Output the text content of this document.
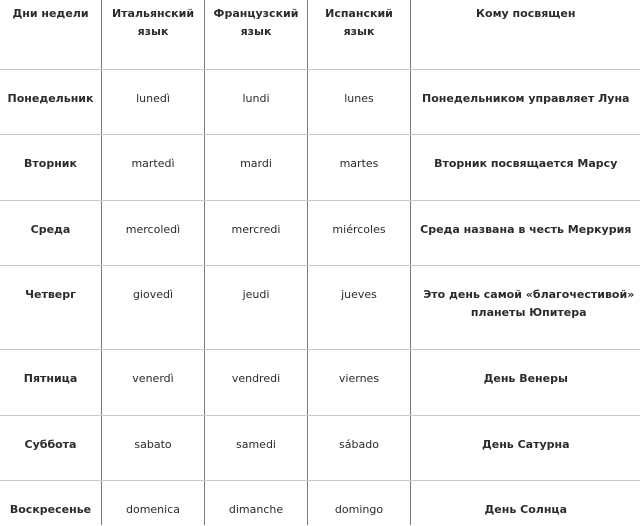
Дни недели	Итальянский язык	Французский язык	Испанский язык	Кому посвящен
Понедельник	lunedì	lundi	lunes	Понедельником управляет Луна
Вторник	martedì	mardi	martes	Вторник посвящается Марсу
Среда	mercoledì	mercredi	miércoles	Среда названа в честь Меркурия
Четверг	giovedì	jeudi	jueves	Это день самой «благочестивой» планеты Юпитера
Пятница	venerdì	vendredi	viernes	День Венеры
Суббота	sabato	samedi	sábado	День Сатурна
Воскресенье	domenica	dimanche	domingo	День Солнца
